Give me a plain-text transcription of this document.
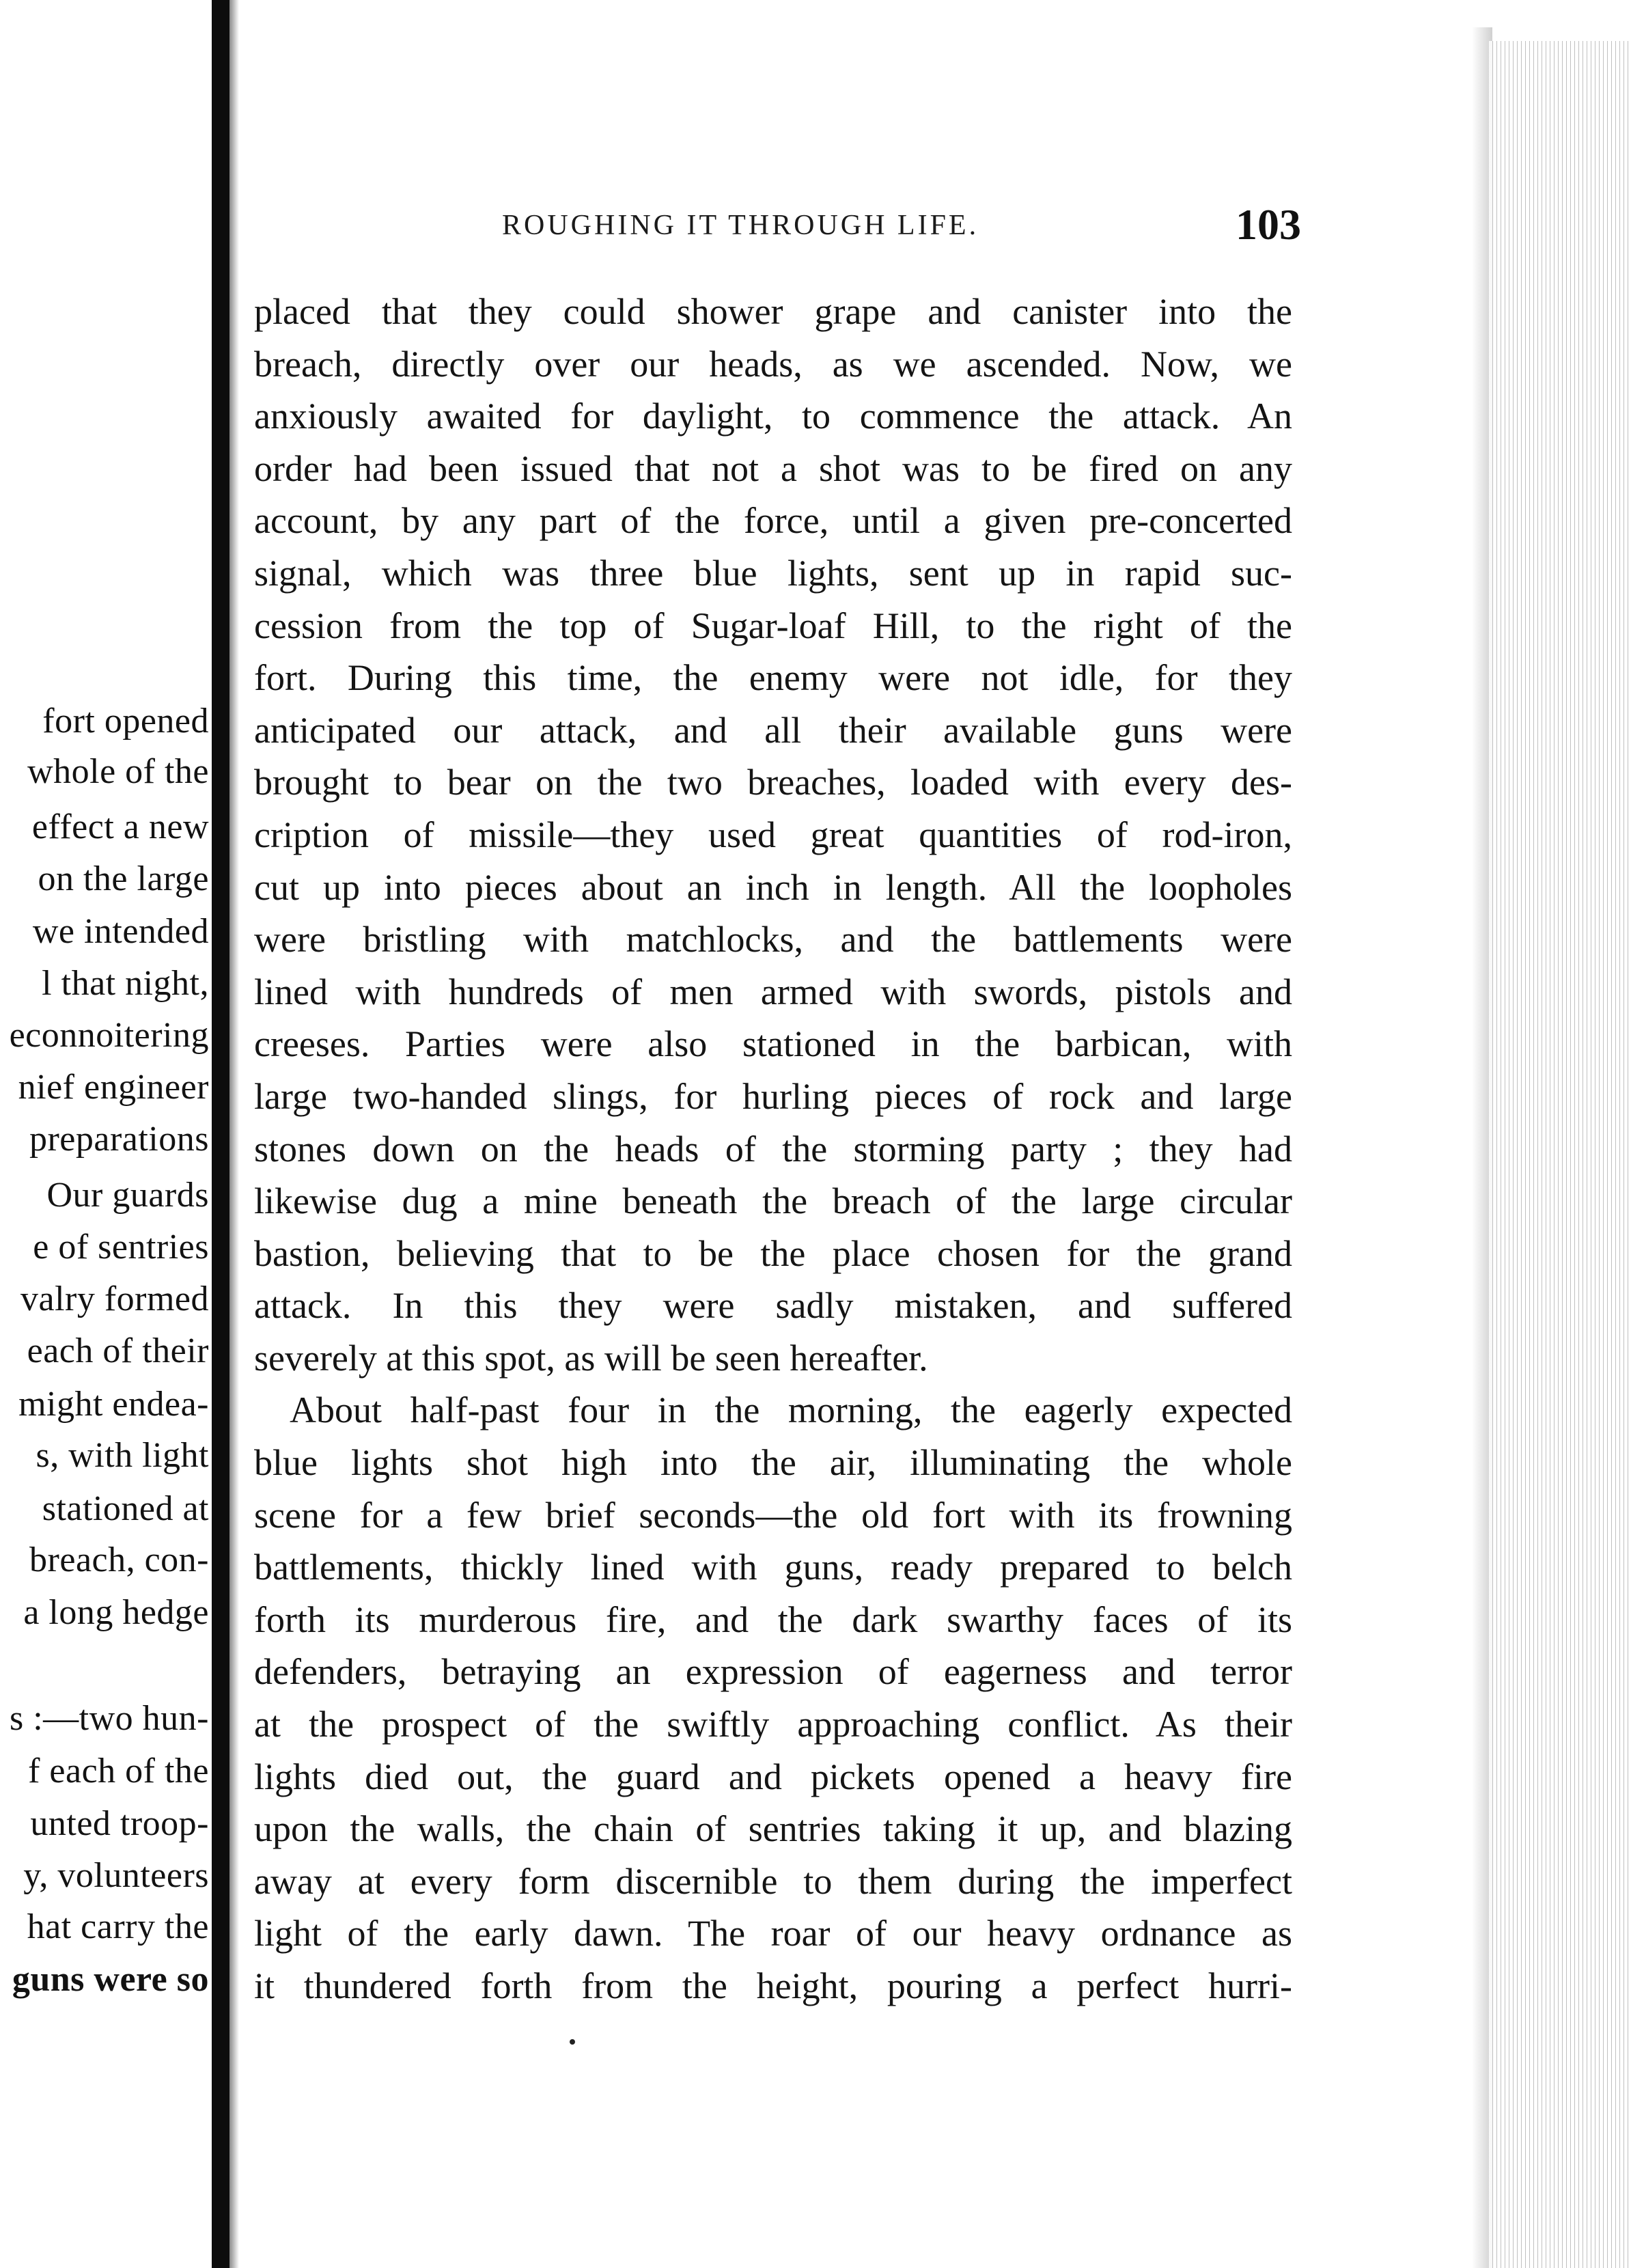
fort opened
whole of the
effect a new
on the large
we intended
l that night,
econnoitering
nief engineer
preparations
Our guards
e of sentries
valry formed
each of their
might endea-
s, with light
stationed at
breach, con-
a long hedge
s :—two hun-
f each of the
unted troop-
y, volunteers
hat carry the
guns were so
ROUGHING IT THROUGH LIFE.	103
placed that they could shower grape and canister into the
breach, directly over our heads, as we ascended. Now, we
anxiously awaited for daylight, to commence the attack. An
order had been issued that not a shot was to be fired on any
account, by any part of the force, until a given pre-concerted
signal, which was three blue lights, sent up in rapid suc-
cession from the top of Sugar-loaf Hill, to the right of the
fort. During this time, the enemy were not idle, for they
anticipated our attack, and all their available guns were
brought to bear on the two breaches, loaded with every des-
cription of missile—they used great quantities of rod-iron,
cut up into pieces about an inch in length. All the loopholes
were bristling with matchlocks, and the battlements were
lined with hundreds of men armed with swords, pistols and
creeses. Parties were also stationed in the barbican, with
large two-handed slings, for hurling pieces of rock and large
stones down on the heads of the storming party ; they had
likewise dug a mine beneath the breach of the large circular
bastion, believing that to be the place chosen for the grand
attack. In this they were sadly mistaken, and suffered
severely at this spot, as will be seen hereafter.
About half-past four in the morning, the eagerly expected
blue lights shot high into the air, illuminating the whole
scene for a few brief seconds—the old fort with its frowning
battlements, thickly lined with guns, ready prepared to belch
forth its murderous fire, and the dark swarthy faces of its
defenders, betraying an expression of eagerness and terror
at the prospect of the swiftly approaching conflict. As their
lights died out, the guard and pickets opened a heavy fire
upon the walls, the chain of sentries taking it up, and blazing
away at every form discernible to them during the imperfect
light of the early dawn. The roar of our heavy ordnance as
it thundered forth from the height, pouring a perfect hurri-
